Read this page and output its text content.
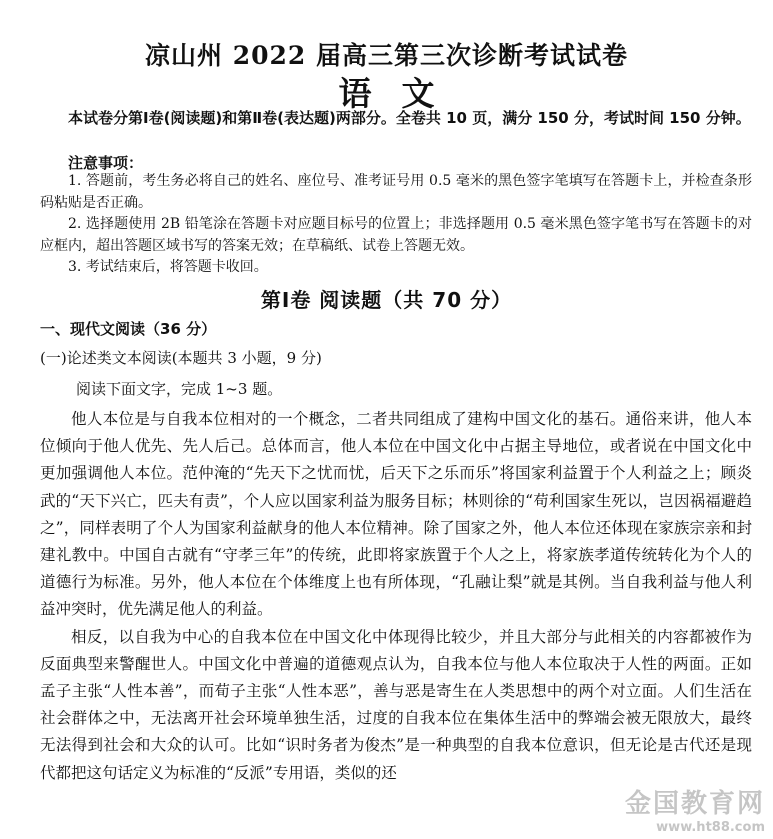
凉山州 2022 届高三第三次诊断考试试卷
语文
本试卷分第Ⅰ卷(阅读题)和第Ⅱ卷(表达题)两部分。全卷共 10 页，满分 150 分，考试时间 150 分钟。
注意事项：

1. 答题前，考生务必将自己的姓名、座位号、准考证号用 0.5 毫米的黑色签字笔填写在答题卡上，并检查条形码粘贴是否正确。

2. 选择题使用 2B 铅笔涂在答题卡对应题目标号的位置上；非选择题用 0.5 毫米黑色签字笔书写在答题卡的对应框内，超出答题区域书写的答案无效；在草稿纸、试卷上答题无效。

3. 考试结束后，将答题卡收回。

第Ⅰ卷 阅读题（共 70 分）
一、现代文阅读（36 分）
(一)论述类文本阅读(本题共 3 小题，9 分)
阅读下面文字，完成 1~3 题。

他人本位是与自我本位相对的一个概念，二者共同组成了建构中国文化的基石。通俗来讲，他人本位倾向于他人优先、先人后己。总体而言，他人本位在中国文化中占据主导地位，或者说在中国文化中更加强调他人本位。范仲淹的“先天下之忧而忧，后天下之乐而乐”将国家利益置于个人利益之上；顾炎武的“天下兴亡，匹夫有责”，个人应以国家利益为服务目标；林则徐的“苟利国家生死以，岂因祸福避趋之”，同样表明了个人为国家利益献身的他人本位精神。除了国家之外，他人本位还体现在家族宗亲和封建礼教中。中国自古就有“守孝三年”的传统，此即将家族置于个人之上，将家族孝道传统转化为个人的道德行为标准。另外，他人本位在个体维度上也有所体现，“孔融让梨”就是其例。当自我利益与他人利益冲突时，优先满足他人的利益。

相反，以自我为中心的自我本位在中国文化中体现得比较少，并且大部分与此相关的内容都被作为反面典型来警醒世人。中国文化中普遍的道德观点认为，自我本位与他人本位取决于人性的两面。正如孟子主张“人性本善”，而荀子主张“人性本恶”，善与恶是寄生在人类思想中的两个对立面。人们生活在社会群体之中，无法离开社会环境单独生活，过度的自我本位在集体生活中的弊端会被无限放大，最终无法得到社会和大众的认可。比如“识时务者为俊杰”是一种典型的自我本位意识，但无论是古代还是现代都把这句话定义为标准的“反派”专用语，类似的还

金国教育网
www.ht88.com
